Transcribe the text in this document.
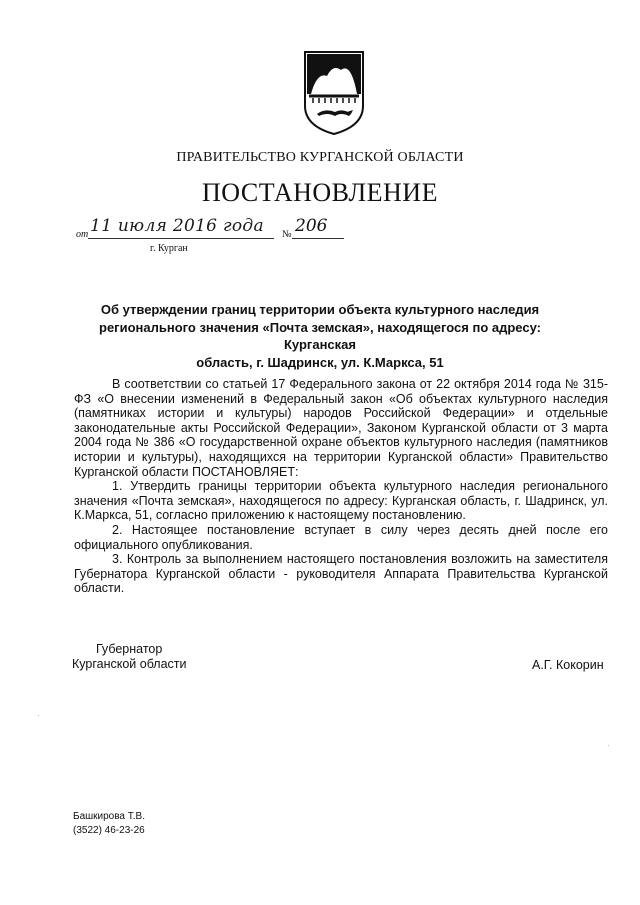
ПРАВИТЕЛЬСТВО КУРГАНСКОЙ ОБЛАСТИ
ПОСТАНОВЛЕНИЕ
от 11 июля 2016 года	№ 206
г. Курган
Об утверждении границ территории объекта культурного наследия
регионального значения «Почта земская», находящегося по адресу: Курганская
область, г. Шадринск, ул. К.Маркса, 51

В соответствии со статьей 17 Федерального закона от 22 октября 2014 года № 315-ФЗ «О внесении изменений в Федеральный закон «Об объектах культурного наследия (памятниках истории и культуры) народов Российской Федерации» и отдельные законодательные акты Российской Федерации», Законом Курганской области от 3 марта 2004 года № 386 «О государственной охране объектов культурного наследия (памятников истории и культуры), находящихся на территории Курганской области» Правительство Курганской области ПОСТАНОВЛЯЕТ:

1. Утвердить границы территории объекта культурного наследия регионального значения «Почта земская», находящегося по адресу: Курганская область, г. Шадринск, ул. К.Маркса, 51, согласно приложению к настоящему постановлению.

2. Настоящее постановление вступает в силу через десять дней после его официального опубликования.

3. Контроль за выполнением настоящего постановления возложить на заместителя Губернатора Курганской области - руководителя Аппарата Правительства Курганской области.

Губернатор
Курганской области	А.Г. Кокорин
Башкирова Т.В.
(3522) 46-23-26
